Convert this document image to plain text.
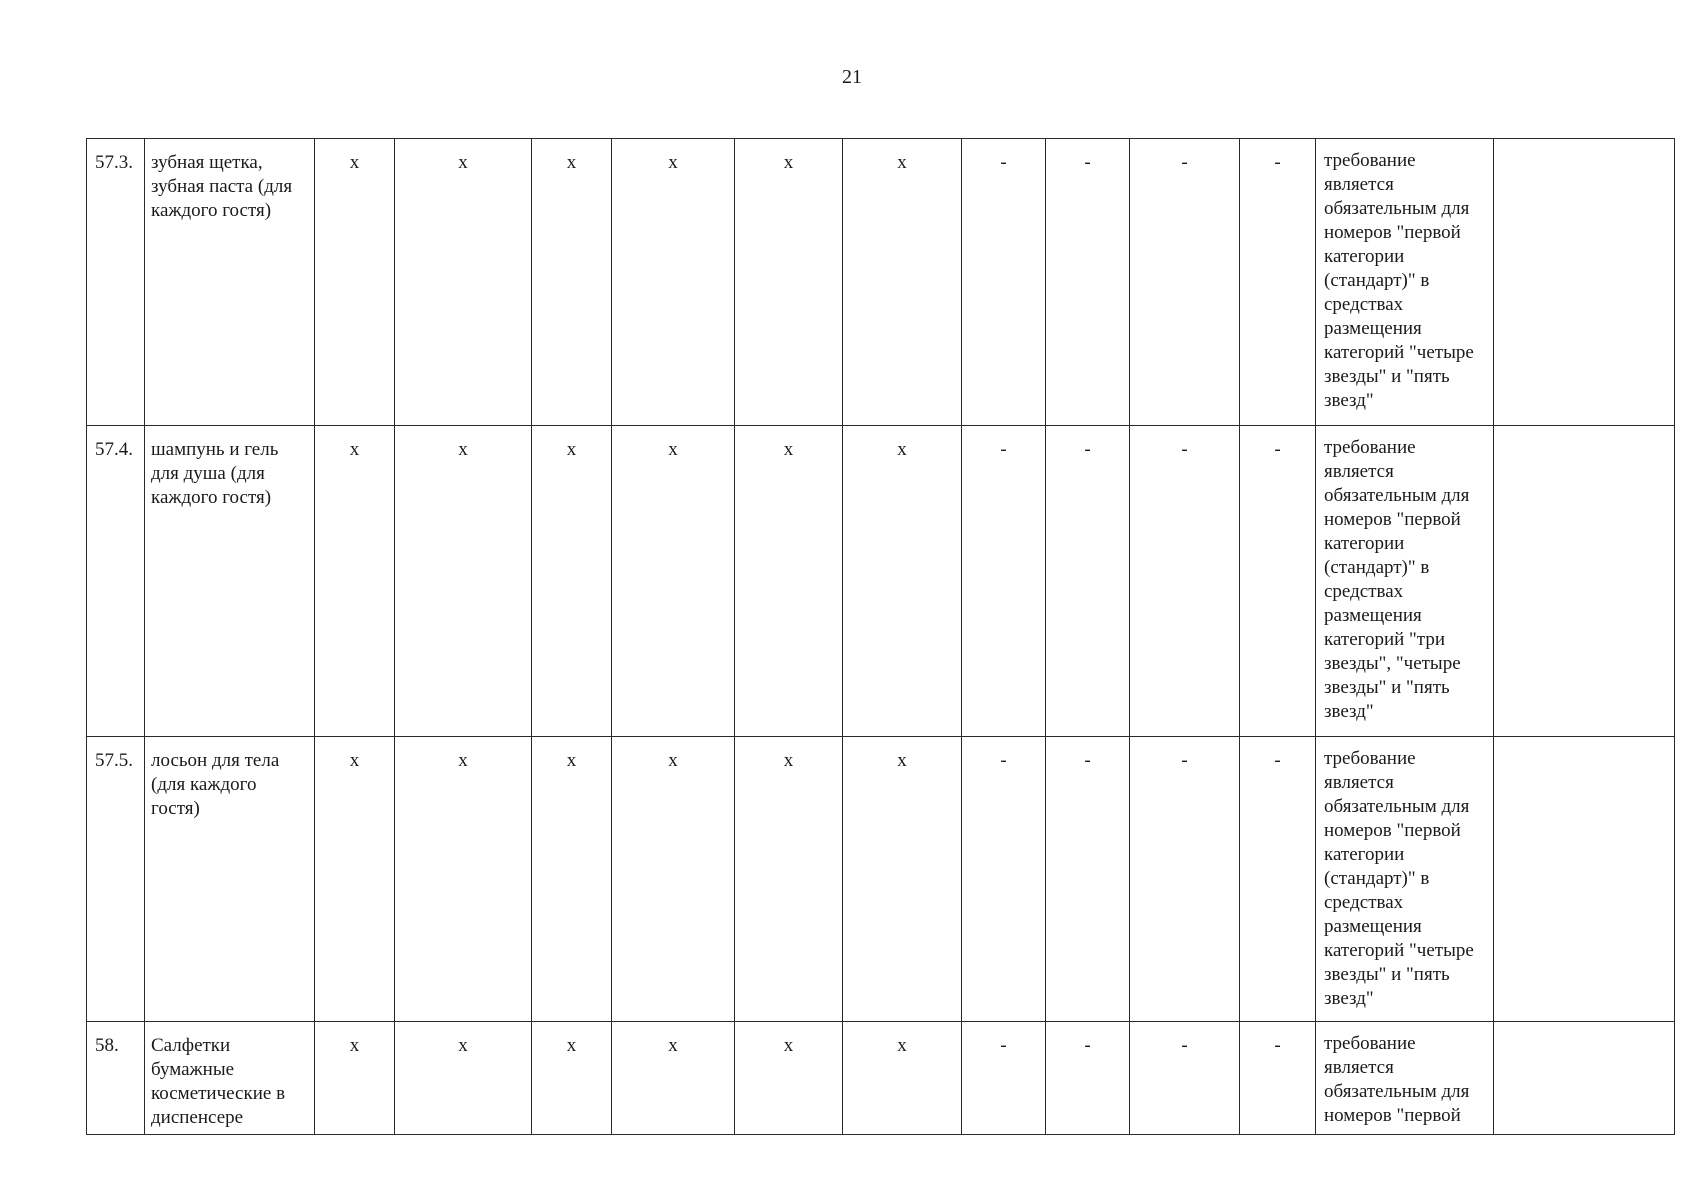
21
57.3.	зубная щетка, зубная паста (для каждого гостя)	х	х	х	х	х	х	-	-	-	-	требование является обязательным для номеров "первой категории (стандарт)" в средствах размещения категорий "четыре звезды" и "пять звезд"	
57.4.	шампунь и гель для душа (для каждого гостя)	х	х	х	х	х	х	-	-	-	-	требование является обязательным для номеров "первой категории (стандарт)" в средствах размещения категорий "три звезды", "четыре звезды" и "пять звезд"	
57.5.	лосьон для тела (для каждого гостя)	х	х	х	х	х	х	-	-	-	-	требование является обязательным для номеров "первой категории (стандарт)" в средствах размещения категорий "четыре звезды" и "пять звезд"	
58.	Салфетки бумажные косметические в диспенсере	х	х	х	х	х	х	-	-	-	-	требование является обязательным для номеров "первой	
